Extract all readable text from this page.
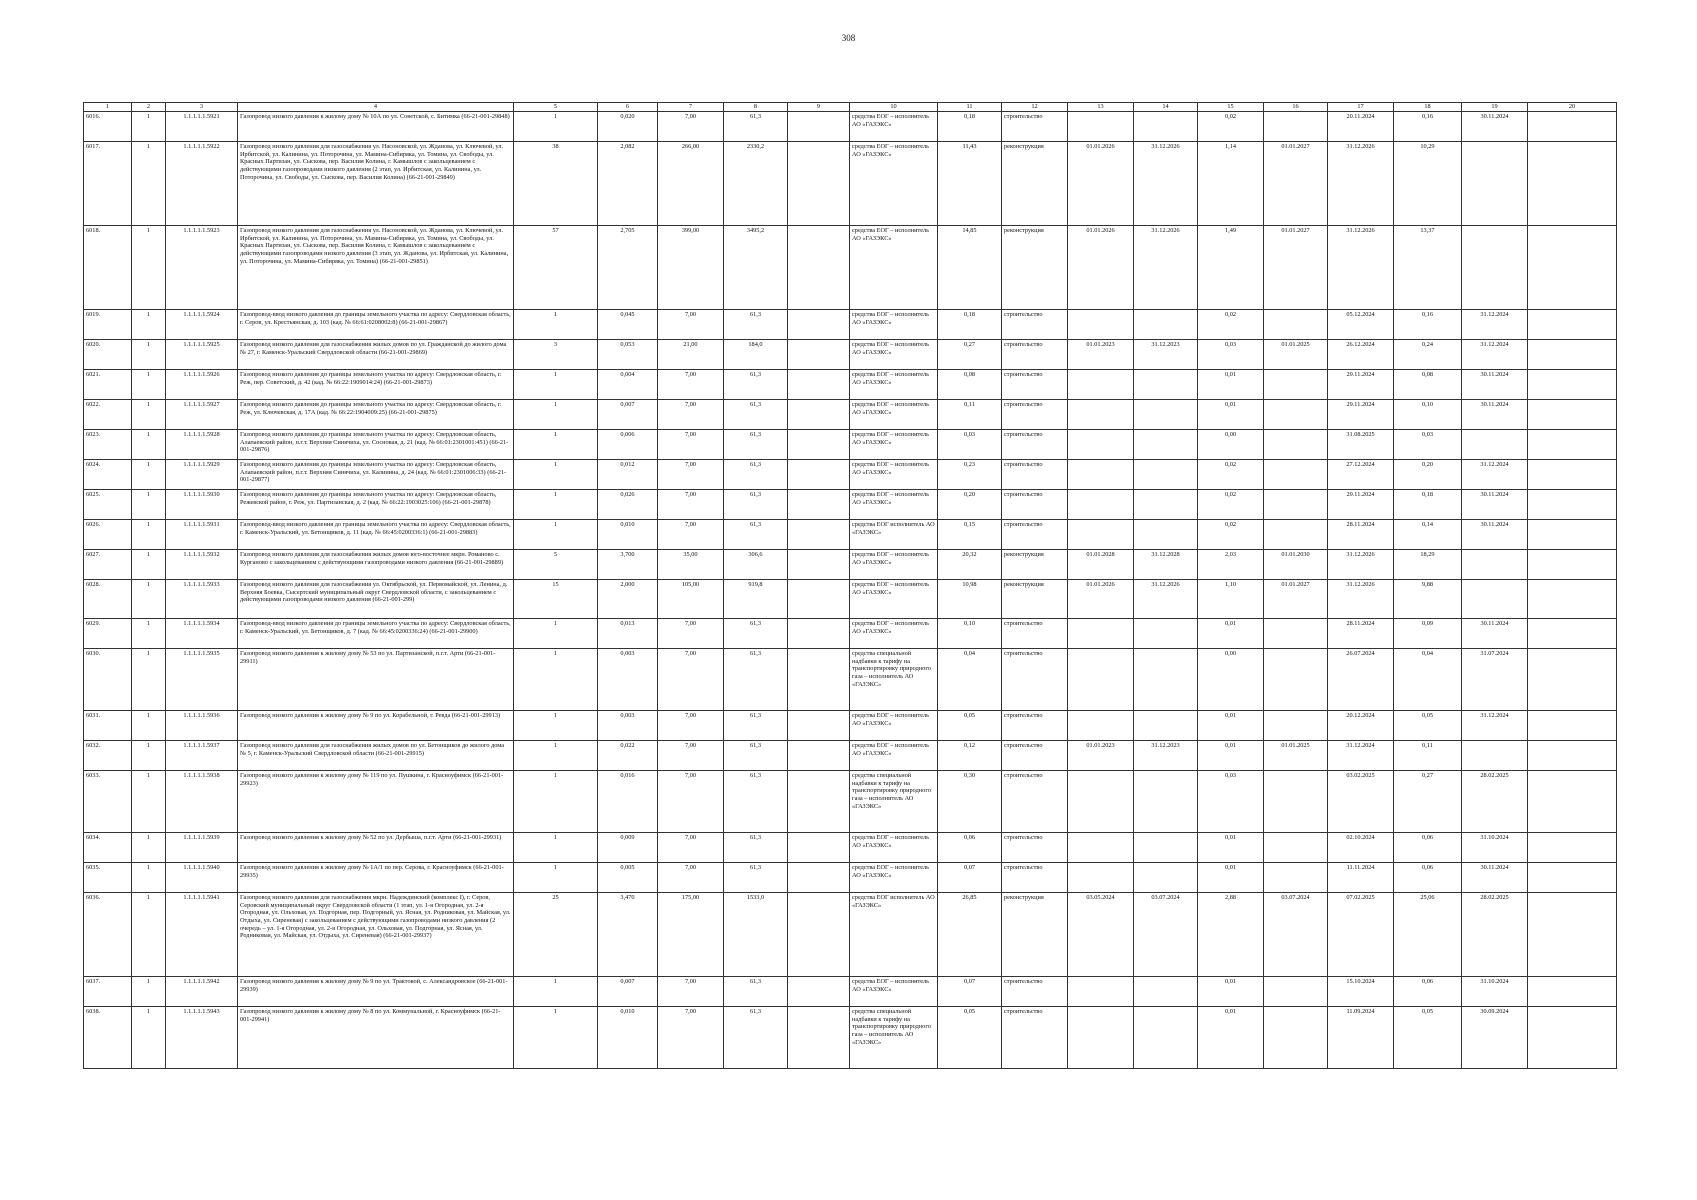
308
1	2	3	4	5	6	7	8	9	10	11	12	13	14	15	16	17	18	19	20
6016.	1	1.1.1.1.1.5921	Газопровод низкого давления к жилому дому № 10А по ул. Советской, с. Битимка (66-21-001-29848)	1	0,020	7,00	61,3		средства ЕОГ – исполнитель АО «ГАЗЭКС»	0,18	строительство			0,02		20.11.2024	0,16	30.11.2024	
6017.	1	1.1.1.1.1.5922	Газопровод низкого давления для газоснабжения ул. Насоновской, ул. Жданова, ул. Ключевой, ул. Ирбитской, ул. Калинина, ул. Поторочина, ул. Мамина-Сибиряка, ул. Томина, ул. Свободы, ул. Красных Партизан, ул. Сыскова, пер. Василия Колина, г. Камышлов с закольцеванием с действующими газопроводами низкого давления (2 этап, ул. Ирбитская, ул. Калинина, ул. Поторочина, ул. Свободы, ул. Сыскова, пер. Василия Колина) (66-21-001-29849)	38	2,082	266,00	2330,2		средства ЕОГ – исполнитель АО «ГАЗЭКС»	11,43	реконструкция	01.01.2026	31.12.2026	1,14	01.01.2027	31.12.2026	10,29		
6018.	1	1.1.1.1.1.5923	Газопровод низкого давления для газоснабжения ул. Насоновской, ул. Жданова, ул. Ключевой, ул. Ирбитской, ул. Калинина, ул. Поторочина, ул. Мамина-Сибиряка, ул. Томина, ул. Свободы, ул. Красных Партизан, ул. Сыскова, пер. Василия Колина, г. Камышлов с закольцеванием с действующими газопроводами низкого давления (3 этап, ул. Жданова, ул. Ирбитская, ул. Калинина, ул. Поторочина, ул. Мамина-Сибиряка, ул. Томина) (66-21-001-29851)	57	2,705	399,00	3495,2		средства ЕОГ – исполнитель АО «ГАЗЭКС»	14,85	реконструкция	01.01.2026	31.12.2026	1,49	01.01.2027	31.12.2026	13,37		
6019.	1	1.1.1.1.1.5924	Газопровод-ввод низкого давления до границы земельного участка по адресу: Свердловская область, г. Серов, ул. Крестьянская, д. 103 (кад. № 66:61:0208002:8) (66-21-001-29867)	1	0,045	7,00	61,3		средства ЕОГ – исполнитель АО «ГАЗЭКС»	0,18	строительство			0,02		05.12.2024	0,16	31.12.2024	
6020.	1	1.1.1.1.1.5925	Газопровод низкого давления для газоснабжения жилых домов по ул. Гражданской до жилого дома № 27, г. Каменск-Уральский Свердловской области (66-21-001-29869)	3	0,053	21,00	184,0		средства ЕОГ – исполнитель АО «ГАЗЭКС»	0,27	строительство	01.01.2023	31.12.2023	0,03	01.01.2025	26.12.2024	0,24	31.12.2024	
6021.	1	1.1.1.1.1.5926	Газопровод низкого давления до границы земельного участка по адресу: Свердловская область, г. Реж, пер. Советский, д. 42 (кад. № 66:22:1909014:24) (66-21-001-29873)	1	0,004	7,00	61,3		средства ЕОГ – исполнитель АО «ГАЗЭКС»	0,08	строительство			0,01		29.11.2024	0,08	30.11.2024	
6022.	1	1.1.1.1.1.5927	Газопровод низкого давления до границы земельного участка по адресу: Свердловская область, г. Реж, ул. Ключевская, д. 17А (кад. № 66:22:1904009:25) (66-21-001-29875)	1	0,007	7,00	61,3		средства ЕОГ – исполнитель АО «ГАЗЭКС»	0,11	строительство			0,01		29.11.2024	0,10	30.11.2024	
6023.	1	1.1.1.1.1.5928	Газопровод низкого давления до границы земельного участка по адресу: Свердловская область, Алапаевский район, п.г.т. Верхняя Синячиха, ул. Сосновая, д. 21 (кад. № 66:01:2301001:451) (66-21-001-29876)	1	0,006	7,00	61,3		средства ЕОГ – исполнитель АО «ГАЗЭКС»	0,03	строительство			0,00		31.08.2025	0,03		
6024.	1	1.1.1.1.1.5929	Газопровод низкого давления до границы земельного участка по адресу: Свердловская область, Алапаевский район, п.г.т. Верхняя Синячиха, ул. Калинина, д. 24 (кад. № 66:01:2301006:33) (66-21-001-29877)	1	0,012	7,00	61,3		средства ЕОГ – исполнитель АО «ГАЗЭКС»	0,23	строительство			0,02		27.12.2024	0,20	31.12.2024	
6025.	1	1.1.1.1.1.5930	Газопровод низкого давления до границы земельного участка по адресу: Свердловская область, Режевской район, г. Реж, ул. Партизанская, д. 2 (кад. № 66:22:1903025:106) (66-21-001-29878)	1	0,026	7,00	61,3		средства ЕОГ – исполнитель АО «ГАЗЭКС»	0,20	строительство			0,02		29.11.2024	0,18	30.11.2024	
6026.	1	1.1.1.1.1.5931	Газопровод-ввод низкого давления до границы земельного участка по адресу: Свердловская область, г. Каменск-Уральский, ул. Бетонщиков, д. 11 (кад. № 66:45:0200336:1) (66-21-001-29883)	1	0,010	7,00	61,3		средства ЕОГ исполнитель АО «ГАЗЭКС»	0,15	строительство			0,02		28.11.2024	0,14	30.11.2024	
6027.	1	1.1.1.1.1.5932	Газопровод низкого давления для газоснабжения жилых домов юго-восточнее мкрн. Романово с. Курганово с закольцеванием с действующими газопроводами низкого давления (66-21-001-29889)	5	3,700	35,00	306,6		средства ЕОГ – исполнитель АО «ГАЗЭКС»	20,32	реконструкция	01.01.2028	31.12.2028	2,03	01.01.2030	31.12.2026	18,29		
6028.	1	1.1.1.1.1.5933	Газопровод низкого давления для газоснабжения ул. Октябрьской, ул. Первомайской, ул. Ленина, д. Верхняя Боевка, Сысертский муниципальный округ Свердловской области, с закольцеванием с действующими газопроводами низкого давления (66-21-001-299)	15	2,000	105,00	919,8		средства ЕОГ – исполнитель АО «ГАЗЭКС»	10,98	реконструкция	01.01.2026	31.12.2026	1,10	01.01.2027	31.12.2026	9,88		
6029.	1	1.1.1.1.1.5934	Газопровод-ввод низкого давления до границы земельного участка по адресу: Свердловская область, г. Каменск-Уральский, ул. Бетонщиков, д. 7 (кад. № 66:45:0200336:24) (66-21-001-29900)	1	0,013	7,00	61,3		средства ЕОГ – исполнитель АО «ГАЗЭКС»	0,10	строительство			0,01		28.11.2024	0,09	30.11.2024	
6030.	1	1.1.1.1.1.5935	Газопровод низкого давления к жилому дому № 53 по ул. Партизанской, п.г.т. Арти (66-21-001-29911)	1	0,003	7,00	61,3		средства специальной надбавки к тарифу на транспортировку природного газа – исполнитель АО «ГАЗЭКС»	0,04	строительство			0,00		26.07.2024	0,04	31.07.2024	
6031.	1	1.1.1.1.1.5936	Газопровод низкого давления к жилому дому № 9 по ул. Корабельной, г. Ревда (66-21-001-29913)	1	0,003	7,00	61,3		средства ЕОГ – исполнитель АО «ГАЗЭКС»	0,05	строительство			0,01		20.12.2024	0,05	31.12.2024	
6032.	1	1.1.1.1.1.5937	Газопровод низкого давления для газоснабжения жилых домов по ул. Бетонщиков до жилого дома № 5, г. Каменск-Уральский Свердловской области (66-21-001-29915)	1	0,022	7,00	61,3		средства ЕОГ – исполнитель АО «ГАЗЭКС»	0,12	строительство	01.01.2023	31.12.2023	0,01	01.01.2025	31.12.2024	0,11		
6033.	1	1.1.1.1.1.5938	Газопровод низкого давления к жилому дому № 119 по ул. Пушкина, г. Красноуфимск (66-21-001-29923)	1	0,016	7,00	61,3		средства специальной надбавки к тарифу на транспортировку природного газа – исполнитель АО «ГАЗЭКС»	0,30	строительство			0,03		03.02.2025	0,27	28.02.2025	
6034.	1	1.1.1.1.1.5939	Газопровод низкого давления к жилому дому № 52 по ул. Дербыша, п.г.т. Арти (66-21-001-29931)	1	0,009	7,00	61,3		средства ЕОГ – исполнитель АО «ГАЗЭКС»	0,06	строительство			0,01		02.10.2024	0,06	31.10.2024	
6035.	1	1.1.1.1.1.5940	Газопровод низкого давления к жилому дому № 1А/1 по пер. Серова, г. Красноуфимск (66-21-001-29935)	1	0,005	7,00	61,3		средства ЕОГ – исполнитель АО «ГАЗЭКС»	0,07	строительство			0,01		11.11.2024	0,06	30.11.2024	
6036.	1	1.1.1.1.1.5941	Газопровод низкого давления для газоснабжения мкрн. Надеждинский (комплекс I), г. Серов, Серовский муниципальный округ Свердловской области (1 этап, ул. 1-я Огородная, ул. 2-я Огородная, ул. Ольховая, ул. Подгорная, пер. Подгорный, ул. Ясная, ул. Родниковая, ул. Майская, ул. Отдыха, ул. Сиреневая) с закольцеванием с действующими газопроводами низкого давления (2 очередь – ул. 1-я Огородная, ул. 2-я Огородная, ул. Ольховая, ул. Подгорная, ул. Ясная, ул. Родниковая, ул. Майская, ул. Отдыха, ул. Сиреневая) (66-21-001-29937)	25	3,470	175,00	1533,0		средства ЕОГ исполнитель АО «ГАЗЭКС»	26,85	реконструкция	03.05.2024	03.07.2024	2,88	03.07.2024	07.02.2025	25,06	28.02.2025	
6037.	1	1.1.1.1.1.5942	Газопровод низкого давления к жилому дому № 9 по ул. Трактовой, с. Александровское (66-21-001-29939)	1	0,007	7,00	61,3		средства ЕОГ – исполнитель АО «ГАЗЭКС»	0,07	строительство			0,01		15.10.2024	0,06	31.10.2024	
6038.	1	1.1.1.1.1.5943	Газопровод низкого давления к жилому дому № 8 по ул. Коммунальной, г. Красноуфимск (66-21-001-29941)	1	0,010	7,00	61,3		средства специальной надбавки к тарифу на транспортировку природного газа – исполнитель АО «ГАЗЭКС»	0,05	строительство			0,01		11.09.2024	0,05	30.09.2024	
